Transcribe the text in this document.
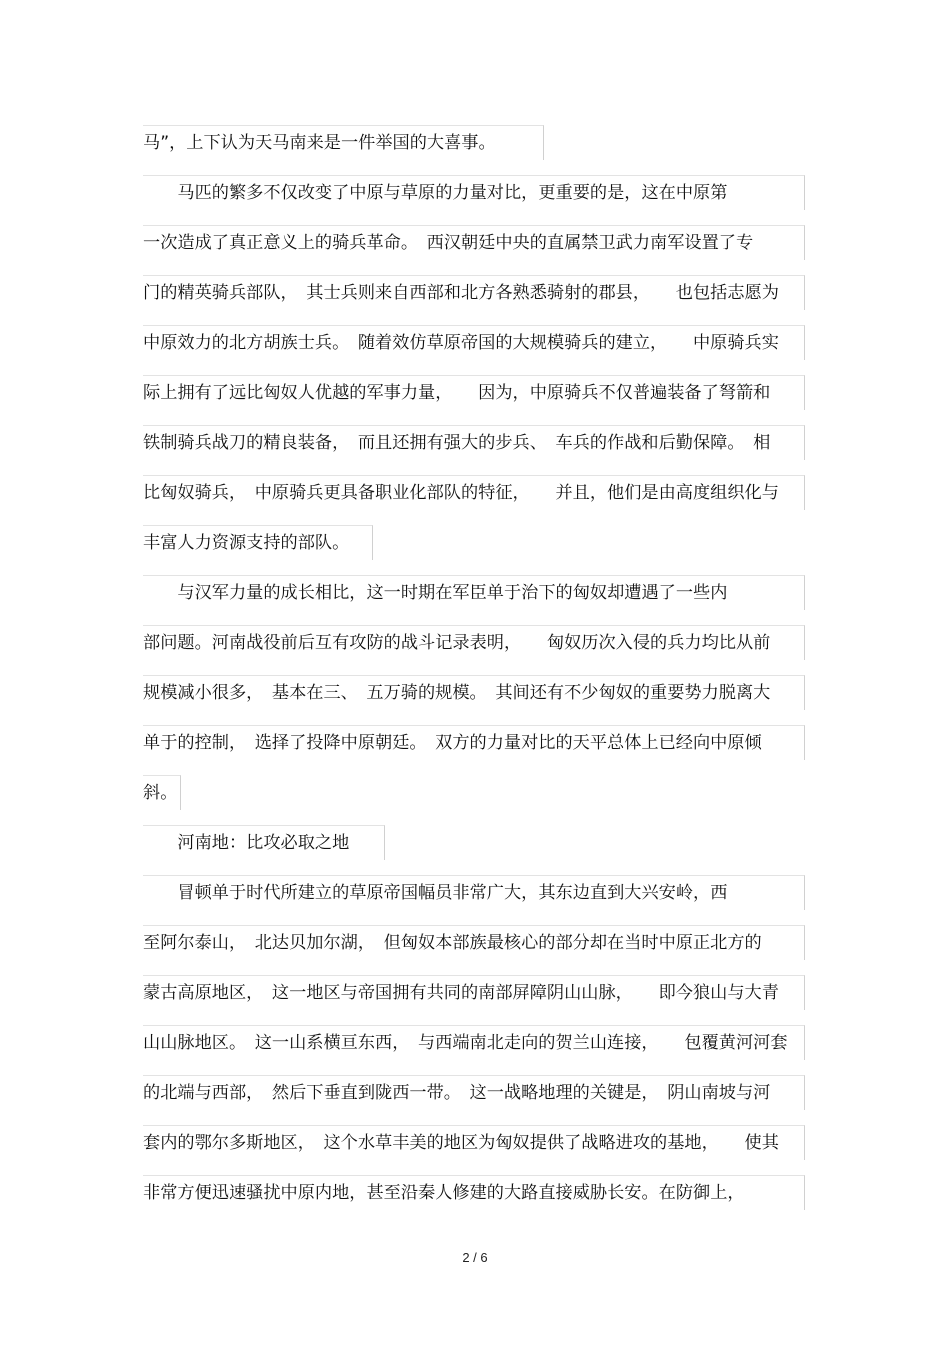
马”，上下认为天马南来是一件举国的大喜事。
　　马匹的繁多不仅改变了中原与草原的力量对比，更重要的是，这在中原第
一次造成了真正意义上的骑兵革命。　西汉朝廷中央的直属禁卫武力南军设置了专
门的精英骑兵部队，　其士兵则来自西部和北方各熟悉骑射的郡县，　　也包括志愿为
中原效力的北方胡族士兵。　随着效仿草原帝国的大规模骑兵的建立，　　中原骑兵实
际上拥有了远比匈奴人优越的军事力量，　　因为，中原骑兵不仅普遍装备了弩箭和
铁制骑兵战刀的精良装备，　而且还拥有强大的步兵、　车兵的作战和后勤保障。　相
比匈奴骑兵，　中原骑兵更具备职业化部队的特征，　　并且，他们是由高度组织化与
丰富人力资源支持的部队。
　　与汉军力量的成长相比，这一时期在军臣单于治下的匈奴却遭遇了一些内
部问题。河南战役前后互有攻防的战斗记录表明，　　匈奴历次入侵的兵力均比从前
规模减小很多，　基本在三、　五万骑的规模。　其间还有不少匈奴的重要势力脱离大
单于的控制，　选择了投降中原朝廷。　双方的力量对比的天平总体上已经向中原倾
斜。
　　河南地：比攻必取之地
　　冒顿单于时代所建立的草原帝国幅员非常广大，其东边直到大兴安岭，西
至阿尔泰山，　北达贝加尔湖，　但匈奴本部族最核心的部分却在当时中原正北方的
蒙古高原地区，　这一地区与帝国拥有共同的南部屏障阴山山脉，　　即今狼山与大青
山山脉地区。　这一山系横亘东西，　与西端南北走向的贺兰山连接，　　包覆黄河河套
的北端与西部，　然后下垂直到陇西一带。　这一战略地理的关键是，　阴山南坡与河
套内的鄂尔多斯地区，　这个水草丰美的地区为匈奴提供了战略进攻的基地，　　使其
非常方便迅速骚扰中原内地，甚至沿秦人修建的大路直接威胁长安。在防御上，
2 / 6
